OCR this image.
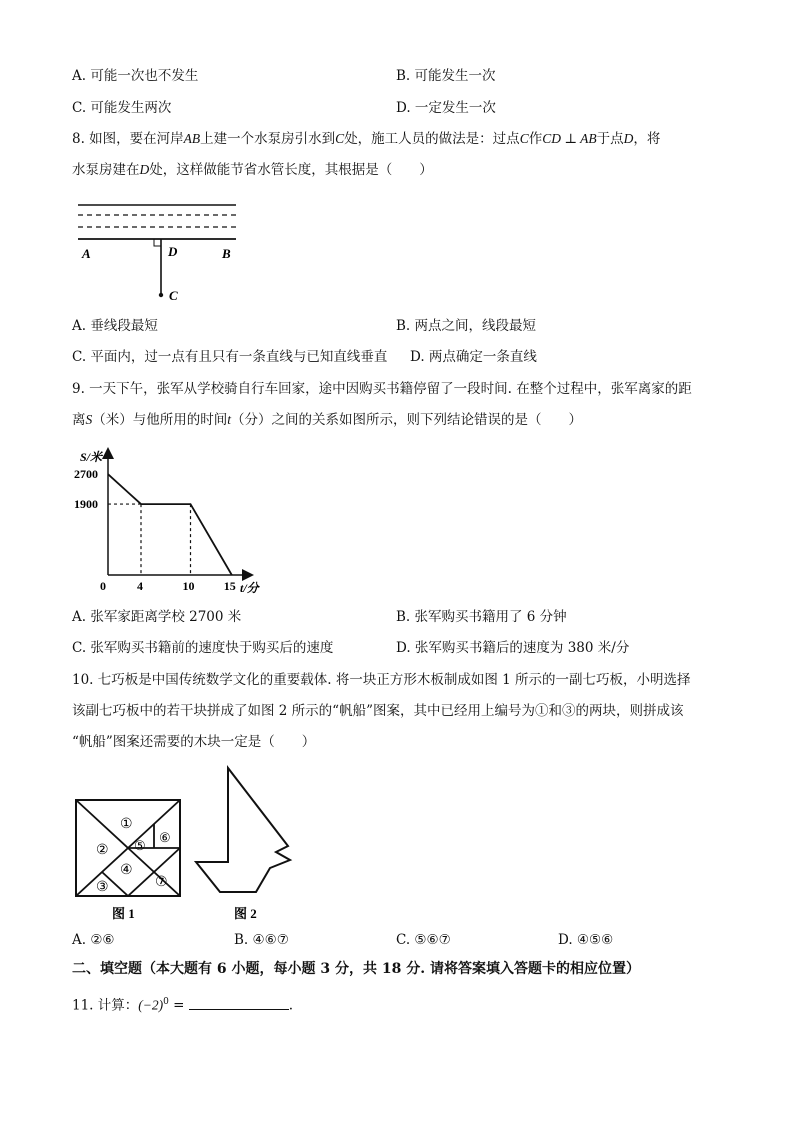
A. 可能一次也不发生	B. 可能发生一次
C. 可能发生两次	D. 一定发生一次
8. 如图，要在河岸AB上建一个水泵房引水到C处，施工人员的做法是：过点C作CD ⊥ AB于点D，将
水泵房建在D处，这样做能节省水管长度，其根据是（　　）
A	D	B
C
A. 垂线段最短	B. 两点之间，线段最短
C. 平面内，过一点有且只有一条直线与已知直线垂直 D. 两点确定一条直线
9. 一天下午，张军从学校骑自行车回家，途中因购买书籍停留了一段时间. 在整个过程中，张军离家的距
离S（米）与他所用的时间t（分）之间的关系如图所示，则下列结论错误的是（　　）
S/米
t/分
0	4	10 15
2700
1900
A. 张军家距离学校 2700 米	B. 张军购买书籍用了 6 分钟
C. 张军购买书籍前的速度快于购买后的速度	D. 张军购买书籍后的速度为 380 米/分
10. 七巧板是中国传统数学文化的重要载体. 将一块正方形木板制成如图 1 所示的一副七巧板，小明选择
该副七巧板中的若干块拼成了如图 2 所示的“帆船”图案，其中已经用上编号为①和③的两块，则拼成该
“帆船”图案还需要的木块一定是（　　）
①
②
③
④
⑤
⑥
⑦
图 1	图 2
A. ②⑥	B. ④⑥⑦	C. ⑤⑥⑦	D. ④⑤⑥
二、填空题（本大题有 6 小题，每小题 3 分，共 18 分. 请将答案填入答题卡的相应位置）
11. 计算：$(-2)^0$ =	.
